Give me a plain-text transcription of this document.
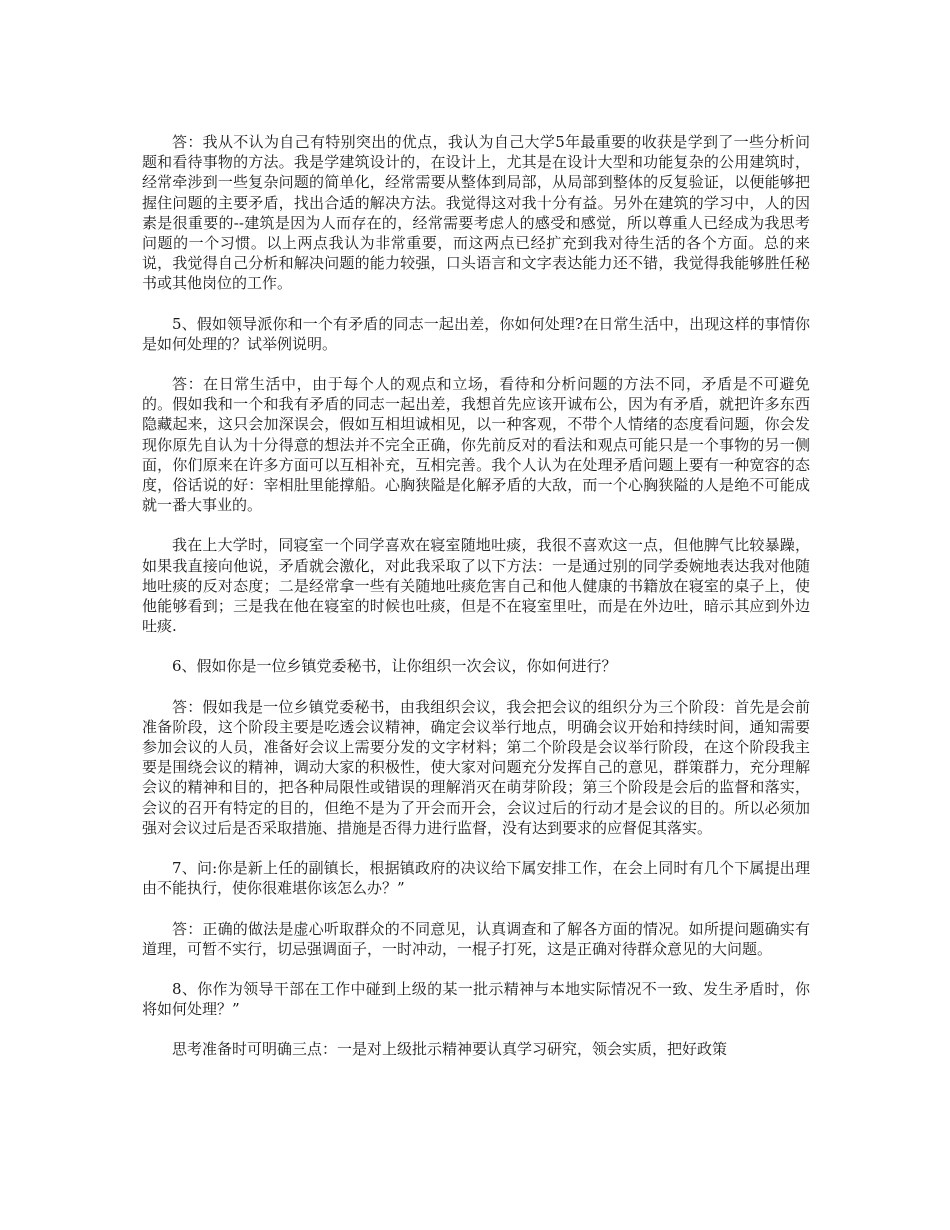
答：我从不认为自己有特别突出的优点，我认为自己大学5年最重要的收获是学到了一些分析问题和看待事物的方法。我是学建筑设计的，在设计上，尤其是在设计大型和功能复杂的公用建筑时，经常牵涉到一些复杂问题的简单化，经常需要从整体到局部，从局部到整体的反复验证，以便能够把握住问题的主要矛盾，找出合适的解决方法。我觉得这对我十分有益。另外在建筑的学习中，人的因素是很重要的--建筑是因为人而存在的，经常需要考虑人的感受和感觉，所以尊重人已经成为我思考问题的一个习惯。以上两点我认为非常重要，而这两点已经扩充到我对待生活的各个方面。总的来说，我觉得自己分析和解决问题的能力较强，口头语言和文字表达能力还不错，我觉得我能够胜任秘书或其他岗位的工作。

5、假如领导派你和一个有矛盾的同志一起出差，你如何处理?在日常生活中，出现这样的事情你是如何处理的？试举例说明。

答：在日常生活中，由于每个人的观点和立场，看待和分析问题的方法不同，矛盾是不可避免的。假如我和一个和我有矛盾的同志一起出差，我想首先应该开诚布公，因为有矛盾，就把许多东西隐藏起来，这只会加深误会，假如互相坦诚相见，以一种客观，不带个人情绪的态度看问题，你会发现你原先自认为十分得意的想法并不完全正确，你先前反对的看法和观点可能只是一个事物的另一侧面，你们原来在许多方面可以互相补充，互相完善。我个人认为在处理矛盾问题上要有一种宽容的态度，俗话说的好：宰相肚里能撑船。心胸狭隘是化解矛盾的大敌，而一个心胸狭隘的人是绝不可能成就一番大事业的。

我在上大学时，同寝室一个同学喜欢在寝室随地吐痰，我很不喜欢这一点，但他脾气比较暴躁，如果我直接向他说，矛盾就会激化，对此我采取了以下方法：一是通过别的同学委婉地表达我对他随地吐痰的反对态度；二是经常拿一些有关随地吐痰危害自己和他人健康的书籍放在寝室的桌子上，使他能够看到；三是我在他在寝室的时候也吐痰，但是不在寝室里吐，而是在外边吐，暗示其应到外边吐痰.

6、假如你是一位乡镇党委秘书，让你组织一次会议，你如何进行？

答：假如我是一位乡镇党委秘书，由我组织会议，我会把会议的组织分为三个阶段：首先是会前准备阶段，这个阶段主要是吃透会议精神，确定会议举行地点，明确会议开始和持续时间，通知需要参加会议的人员，准备好会议上需要分发的文字材料；第二个阶段是会议举行阶段，在这个阶段我主要是围绕会议的精神，调动大家的积极性，使大家对问题充分发挥自己的意见，群策群力，充分理解会议的精神和目的，把各种局限性或错误的理解消灭在萌芽阶段；第三个阶段是会后的监督和落实，会议的召开有特定的目的，但绝不是为了开会而开会，会议过后的行动才是会议的目的。所以必须加强对会议过后是否采取措施、措施是否得力进行监督，没有达到要求的应督促其落实。

7、问:你是新上任的副镇长，根据镇政府的决议给下属安排工作，在会上同时有几个下属提出理由不能执行，使你很难堪你该怎么办？”

答：正确的做法是虚心听取群众的不同意见，认真调查和了解各方面的情况。如所提问题确实有道理，可暂不实行，切忌强调面子，一时冲动，一棍子打死，这是正确对待群众意见的大问题。

8、你作为领导干部在工作中碰到上级的某一批示精神与本地实际情况不一致、发生矛盾时，你将如何处理？”

思考准备时可明确三点：一是对上级批示精神要认真学习研究，领会实质，把好政策
